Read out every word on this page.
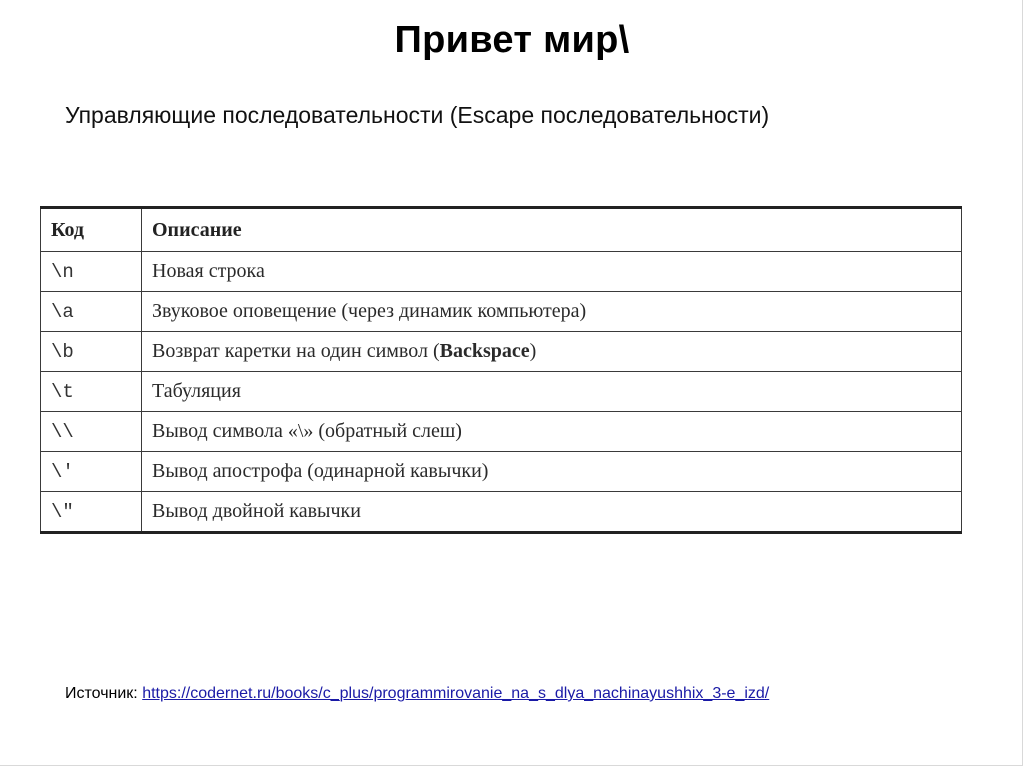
Привет мир\
Управляющие последовательности (Escape последовательности)
Код	Описание
\n	Новая строка
\a	Звуковое оповещение (через динамик компьютера)
\b	Возврат каретки на один символ (Backspace)
\t	Табуляция
\\	Вывод символа «\» (обратный слеш)
\'	Вывод апострофа (одинарной кавычки)
\"	Вывод двойной кавычки
Источник: https://codernet.ru/books/c_plus/programmirovanie_na_s_dlya_nachinayushhix_3-e_izd/
